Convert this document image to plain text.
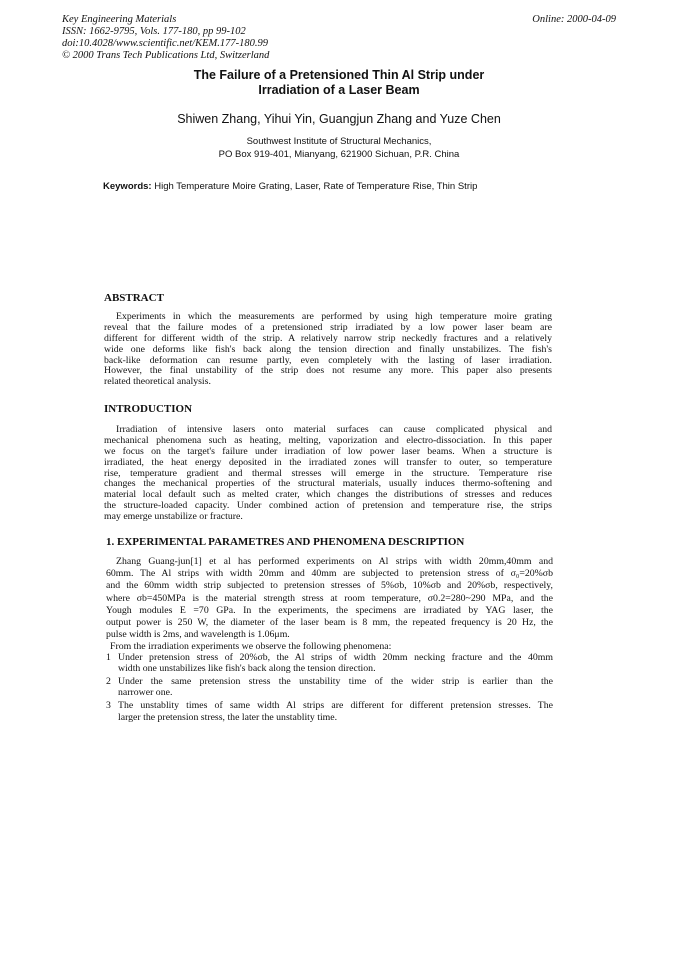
Key Engineering Materials
ISSN: 1662-9795, Vols. 177-180, pp 99-102
doi:10.4028/www.scientific.net/KEM.177-180.99
© 2000 Trans Tech Publications Ltd, Switzerland
Online: 2000-04-09
The Failure of a Pretensioned Thin Al Strip under
Irradiation of a Laser Beam
Shiwen Zhang, Yihui Yin, Guangjun Zhang and Yuze Chen
Southwest Institute of Structural Mechanics,
PO Box 919-401, Mianyang, 621900 Sichuan, P.R. China
Keywords: High Temperature Moire Grating, Laser, Rate of Temperature Rise, Thin Strip
ABSTRACT
Experiments in which the measurements are performed by using high temperature moire grating
reveal that the failure modes of a pretensioned strip irradiated by a low power laser beam are
different for different width of the strip. A relatively narrow strip neckedly fractures and a relatively
wide one deforms like fish's back along the tension direction and finally unstabilizes. The fish's
back-like deformation can resume partly, even completely with the lasting of laser irradiation.
However, the final unstability of the strip does not resume any more. This paper also presents
related theoretical analysis.
INTRODUCTION
Irradiation of intensive lasers onto material surfaces can cause complicated physical and
mechanical phenomena such as heating, melting, vaporization and electro-dissociation. In this paper
we focus on the target's failure under irradiation of low power laser beams. When a structure is
irradiated, the heat energy deposited in the irradiated zones will transfer to outer, so temperature
rise, temperature gradient and thermal stresses will emerge in the structure. Temperature rise
changes the mechanical properties of the structural materials, usually induces thermo-softening and
material local default such as melted crater, which changes the distributions of stresses and reduces
the structure-loaded capacity. Under combined action of pretension and temperature rise, the strips
may emerge unstabilize or fracture.
1. EXPERIMENTAL PARAMETRES AND PHENOMENA DESCRIPTION
Zhang Guang-jun[1] et al has performed experiments on Al strips with width 20mm,40mm and
60mm. The Al strips with width 20mm and 40mm are subjected to pretension stress of σ₀=20%σb
and the 60mm width strip subjected to pretension stresses of 5%σb, 10%σb and 20%σb, respectively,
where σb=450MPa is the material strength stress at room temperature, σ0.2=280~290 MPa, and the
Yough modules E =70 GPa. In the experiments, the specimens are irradiated by YAG laser, the
output power is 250 W, the diameter of the laser beam is 8 mm, the repeated frequency is 20 Hz, the
pulse width is 2ms, and wavelength is 1.06μm.
From the irradiation experiments we observe the following phenomena:
1 Under pretension stress of 20%σb, the Al strips of width 20mm necking fracture and the 40mm
width one unstabilizes like fish's back along the tension direction.
2 Under the same pretension stress the unstability time of the wider strip is earlier than the
narrower one.
3 The unstablity times of same width Al strips are different for different pretension stresses. The
larger the pretension stress, the later the unstablity time.
